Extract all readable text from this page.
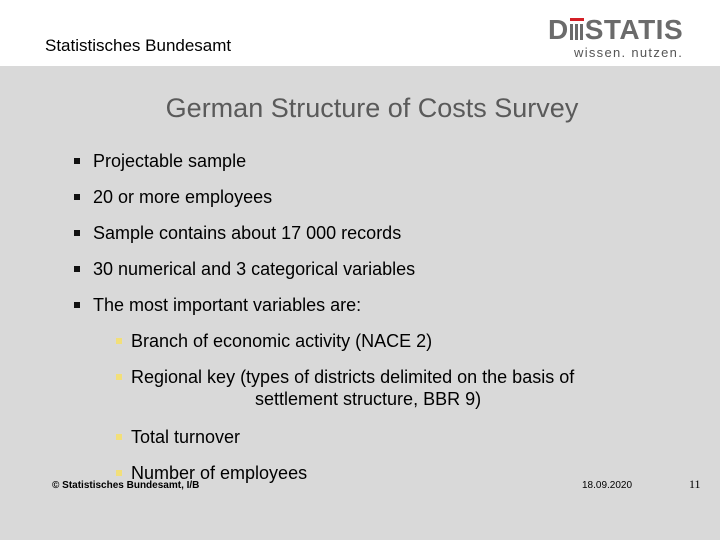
Statistisches Bundesamt
D STATIS
wissen. nutzen.
German Structure of Costs Survey
Projectable sample
20 or more employees
Sample contains about 17 000 records
30 numerical and 3 categorical variables
The most important variables are:
Branch of economic activity (NACE 2)
Regional key (types of districts delimited on the basis of
settlement structure, BBR 9)
Total turnover
Number of employees
© Statistisches Bundesamt, I/B	18.09.2020	11
